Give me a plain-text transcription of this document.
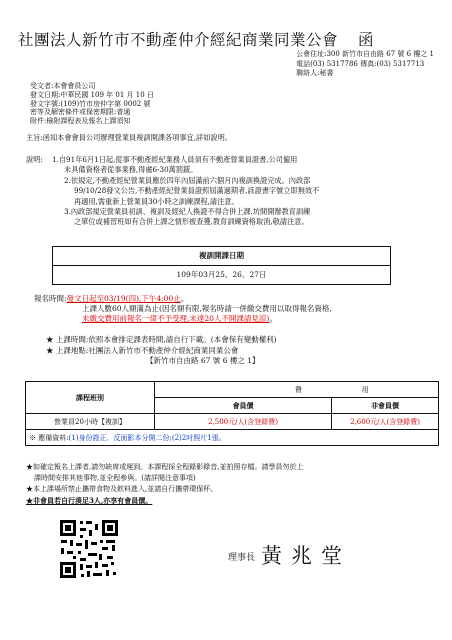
社團法人新竹市不動產仲介經紀商業同業公會 函
公會住址:300 新竹市自由路 67 號 6 樓之 1
電話(03) 5317786 傳真:(03) 5317713
聯絡人:秘書
受文者:本會會員公司
發文日期:中華民國 109 年 01 月 10 日
發文字號:(109)竹市房仲字第 0002 號
密等及解密條件或保密期限:普通
附件:檢附課程表及報名上課須知
主旨:函知本會會員公司辦理營業員複訓開課各項事宜,詳如說明。
說明:	1.自91年6月1日起,從事不動產經紀業務人員須有不動產營業員證書,公司僱用
未具備資格者從事業務,得處6-30萬罰鍰。
2.依規定,不動產經紀營業員應於四年內屆滿前六個月內複訓換證完成。內政部
99/10/28發文公告,不動產經紀營業員證照屆滿過期者,該證書字號立即無效不
再適用,需重新上營業員30小時之訓練課程,請注意。
3.內政部規定營業員初訓、複訓及經紀人換證不得合併上課,坊間開辦教育訓練
之單位或補習班如有合併上課之情形被查獲,教育訓練資格取消,敬請注意。
複訓開課日期
109年03月25、26、27日
報名時間:發文日起至03/19(四),下午4:00止。
上課人數60人額滿為止(因名額有限,報名時請一併繳交費用以取得報名資格,
未繳交費用前報名一律不予受理,未達20人不開課請見諒)。
★ 上課時間:依照本會排定課表時間,請自行下載。(本會保有變動權利)
★ 上課地點:社團法人新竹市不動產仲介經紀商業同業公會
【新竹市自由路 67 號 6 樓之 1】
課程班別	費	用
	會員價	非會員價
營業員20小時【複訓】	2,500元/人(含登錄費)	2,600元/人(含登錄費)
※ 應備資料:(1)身份證正、反面影本分開二份;(2)2吋照片1張。		
★如確定報名上課者,請勿缺席或遲到。本課程採全程錄影錄音,並拍照存檔。請學員勿於上
課時間安排其他事物,並全程參與。(請詳閱注意事項)
★本上課場所禁止攜帶食物及飲料進入,並請自行攜帶環保杯。
★非會員若自行湊足3人,亦享有會員價。
理事長 黃兆堂
